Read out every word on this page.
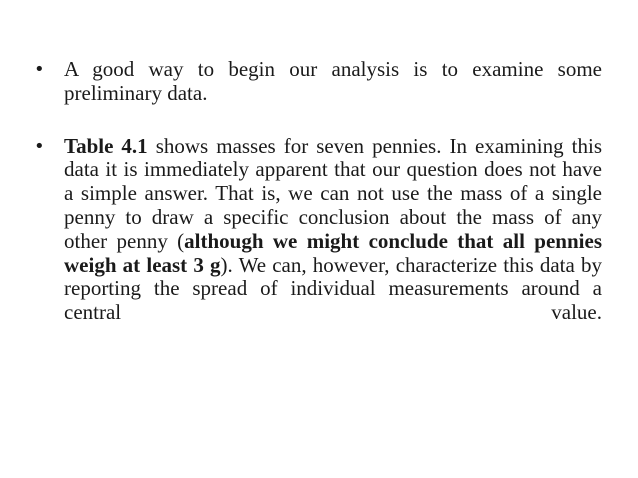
• A good way to begin our analysis is to examine some preliminary data.
• Table 4.1 shows masses for seven pennies. In examining this data it is immediately apparent that our question does not have a simple answer. That is, we can not use the mass of a single penny to draw a specific conclusion about the mass of any other penny (although we might conclude that all pennies weigh at least 3 g). We can, however, characterize this data by reporting the spread of individual measurements around a central value.
